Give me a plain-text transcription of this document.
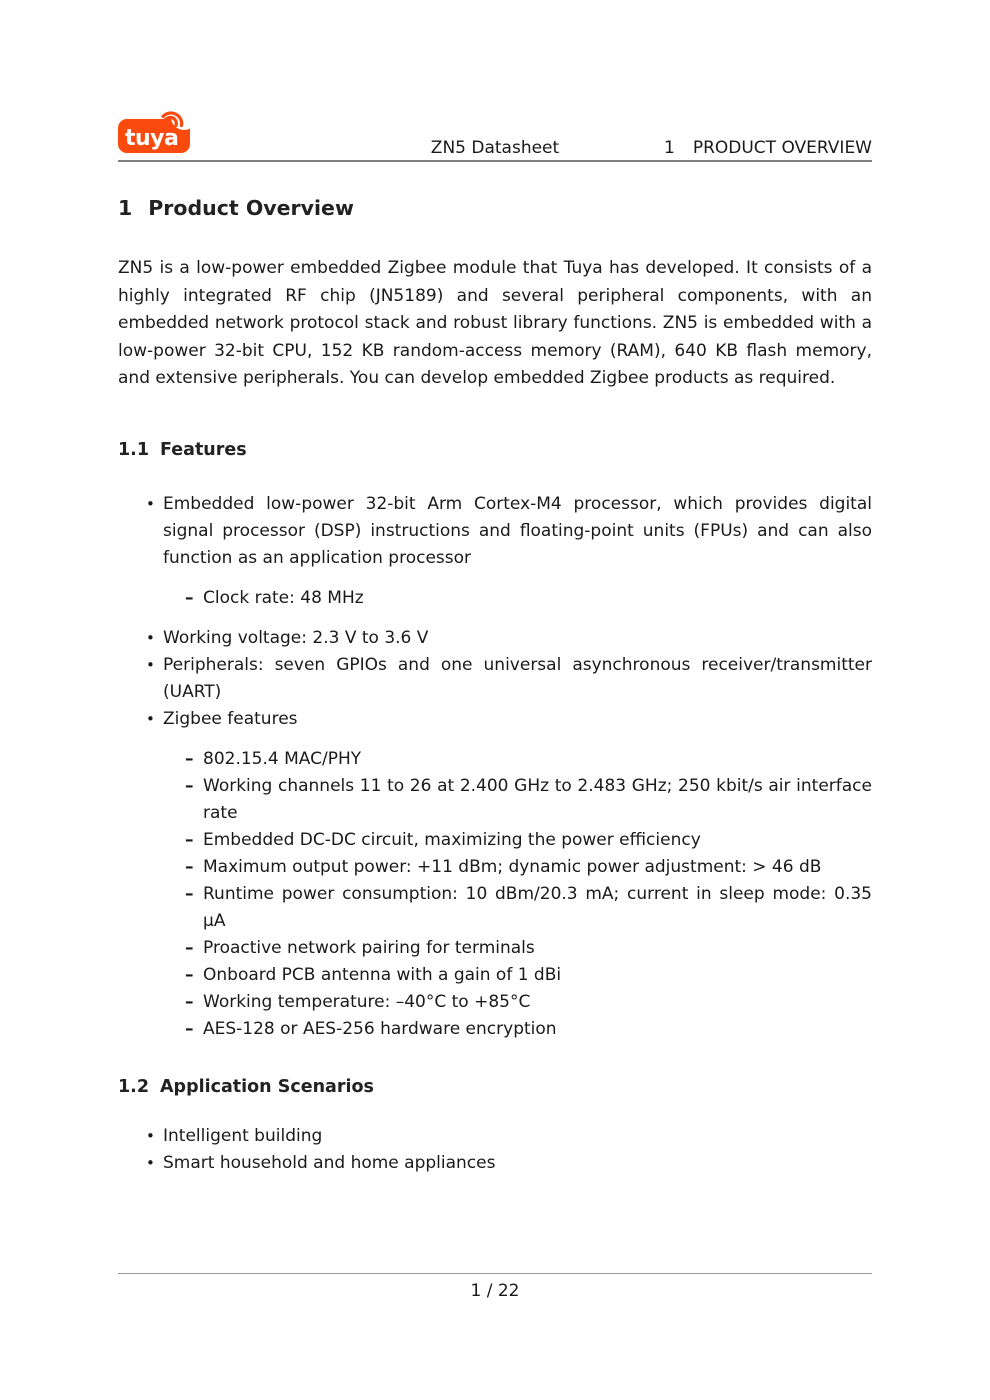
tuya	ZN5 Datasheet	1 PRODUCT OVERVIEW
1 Product Overview

ZN5 is a low-power embedded Zigbee module that Tuya has developed. It consists of a highly integrated RF chip (JN5189) and several peripheral components, with an embedded network protocol stack and robust library functions. ZN5 is embedded with a low-power 32-bit CPU, 152 KB random-access memory (RAM), 640 KB flash memory, and extensive peripherals. You can develop embedded Zigbee products as required.

1.1 Features
• Embedded low-power 32-bit Arm Cortex-M4 processor, which provides digital signal processor (DSP) instructions and floating-point units (FPUs) and can also function as an application processor
– Clock rate: 48 MHz
• Working voltage: 2.3 V to 3.6 V
• Peripherals: seven GPIOs and one universal asynchronous receiver/transmitter (UART)
• Zigbee features
– 802.15.4 MAC/PHY
– Working channels 11 to 26 at 2.400 GHz to 2.483 GHz; 250 kbit/s air interface rate
– Embedded DC-DC circuit, maximizing the power efficiency
– Maximum output power: +11 dBm; dynamic power adjustment: > 46 dB
– Runtime power consumption: 10 dBm/20.3 mA; current in sleep mode: 0.35 µA
– Proactive network pairing for terminals
– Onboard PCB antenna with a gain of 1 dBi
– Working temperature: –40°C to +85°C
– AES-128 or AES-256 hardware encryption
1.2 Application Scenarios
• Intelligent building
• Smart household and home appliances
1 / 22
